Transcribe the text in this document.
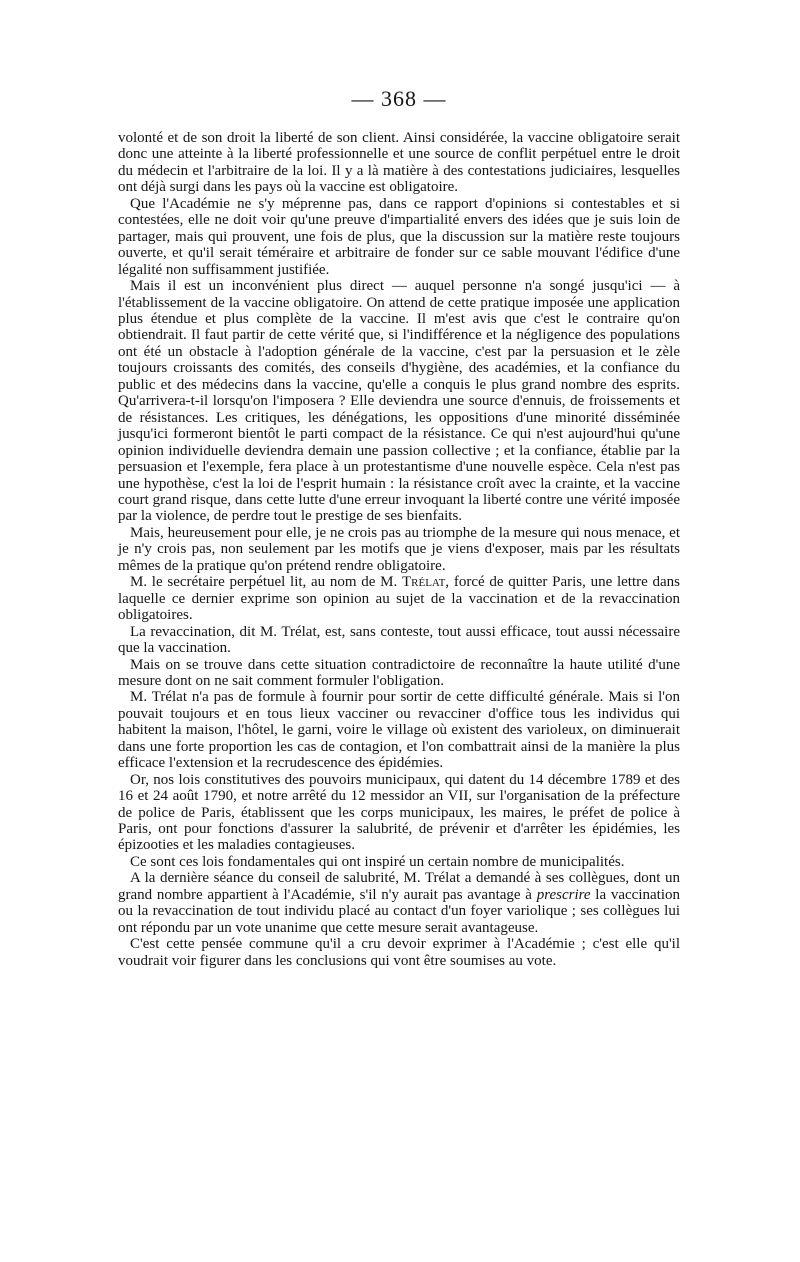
— 368 —

volonté et de son droit la liberté de son client. Ainsi considérée, la vaccine obligatoire serait donc une atteinte à la liberté professionnelle et une source de conflit perpétuel entre le droit du médecin et l'arbitraire de la loi. Il y a là matière à des contestations judiciaires, lesquelles ont déjà surgi dans les pays où la vaccine est obligatoire.

Que l'Académie ne s'y méprenne pas, dans ce rapport d'opinions si contestables et si contestées, elle ne doit voir qu'une preuve d'impartialité envers des idées que je suis loin de partager, mais qui prouvent, une fois de plus, que la discussion sur la matière reste toujours ouverte, et qu'il serait téméraire et arbitraire de fonder sur ce sable mouvant l'édifice d'une légalité non suffisamment justifiée.

Mais il est un inconvénient plus direct — auquel personne n'a songé jusqu'ici — à l'établissement de la vaccine obligatoire. On attend de cette pratique imposée une application plus étendue et plus complète de la vaccine. Il m'est avis que c'est le contraire qu'on obtiendrait. Il faut partir de cette vérité que, si l'indifférence et la négligence des populations ont été un obstacle à l'adoption générale de la vaccine, c'est par la persuasion et le zèle toujours croissants des comités, des conseils d'hygiène, des académies, et la confiance du public et des médecins dans la vaccine, qu'elle a conquis le plus grand nombre des esprits. Qu'arrivera-t-il lorsqu'on l'imposera ? Elle deviendra une source d'ennuis, de froissements et de résistances. Les critiques, les dénégations, les oppositions d'une minorité disséminée jusqu'ici formeront bientôt le parti compact de la résistance. Ce qui n'est aujourd'hui qu'une opinion individuelle deviendra demain une passion collective ; et la confiance, établie par la persuasion et l'exemple, fera place à un protestantisme d'une nouvelle espèce. Cela n'est pas une hypothèse, c'est la loi de l'esprit humain : la résistance croît avec la crainte, et la vaccine court grand risque, dans cette lutte d'une erreur invoquant la liberté contre une vérité imposée par la violence, de perdre tout le prestige de ses bienfaits.

Mais, heureusement pour elle, je ne crois pas au triomphe de la mesure qui nous menace, et je n'y crois pas, non seulement par les motifs que je viens d'exposer, mais par les résultats mêmes de la pratique qu'on prétend rendre obligatoire.

M. le secrétaire perpétuel lit, au nom de M. Trélat, forcé de quitter Paris, une lettre dans laquelle ce dernier exprime son opinion au sujet de la vaccination et de la revaccination obligatoires.

La revaccination, dit M. Trélat, est, sans conteste, tout aussi efficace, tout aussi nécessaire que la vaccination.

Mais on se trouve dans cette situation contradictoire de reconnaître la haute utilité d'une mesure dont on ne sait comment formuler l'obligation.

M. Trélat n'a pas de formule à fournir pour sortir de cette difficulté générale. Mais si l'on pouvait toujours et en tous lieux vacciner ou revacciner d'office tous les individus qui habitent la maison, l'hôtel, le garni, voire le village où existent des varioleux, on diminuerait dans une forte proportion les cas de contagion, et l'on combattrait ainsi de la manière la plus efficace l'extension et la recrudescence des épidémies.

Or, nos lois constitutives des pouvoirs municipaux, qui datent du 14 décembre 1789 et des 16 et 24 août 1790, et notre arrêté du 12 messidor an VII, sur l'organisation de la préfecture de police de Paris, établissent que les corps municipaux, les maires, le préfet de police à Paris, ont pour fonctions d'assurer la salubrité, de prévenir et d'arrêter les épidémies, les épizooties et les maladies contagieuses.

Ce sont ces lois fondamentales qui ont inspiré un certain nombre de municipalités.

A la dernière séance du conseil de salubrité, M. Trélat a demandé à ses collègues, dont un grand nombre appartient à l'Académie, s'il n'y aurait pas avantage à prescrire la vaccination ou la revaccination de tout individu placé au contact d'un foyer variolique ; ses collègues lui ont répondu par un vote unanime que cette mesure serait avantageuse.

C'est cette pensée commune qu'il a cru devoir exprimer à l'Académie ; c'est elle qu'il voudrait voir figurer dans les conclusions qui vont être soumises au vote.
